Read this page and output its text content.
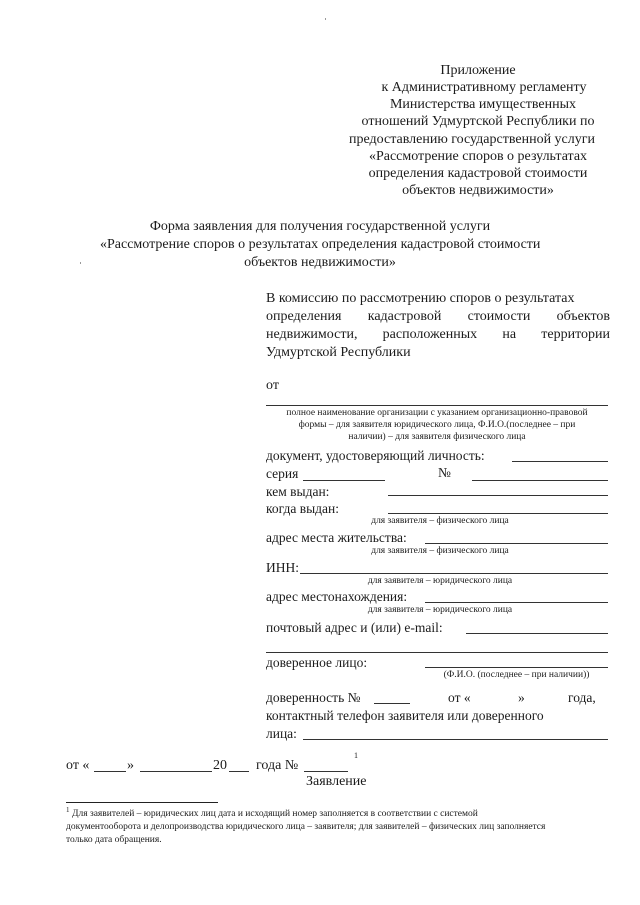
Приложение
к Административному регламенту
Министерства имущественных
отношений Удмуртской Республики по
предоставлению государственной услуги
«Рассмотрение споров о результатах
определения кадастровой стоимости
объектов недвижимости»
Форма заявления для получения государственной услуги
«Рассмотрение споров о результатах определения кадастровой стоимости
объектов недвижимости»
В комиссию по рассмотрению споров о результатах
определения кадастровой стоимости объектов
недвижимости, расположенных на территории
Удмуртской Республики
от
полное наименование организации с указанием организационно-правовой
формы – для заявителя юридического лица, Ф.И.О.(последнее – при
наличии) – для заявителя физического лица
документ, удостоверяющий личность:
серия	№
кем выдан:
когда выдан:
для заявителя – физического лица
адрес места жительства:
для заявителя – физического лица
ИНН:
для заявителя – юридического лица
адрес местонахождения:
для заявителя – юридического лица
почтовый адрес и (или) e-mail:
доверенное лицо:
(Ф.И.О. (последнее – при наличии))
доверенность №	от «	»	года,
контактный телефон заявителя или доверенного
лица:
от «	»	20 года №
1
Заявление
1 Для заявителей – юридических лиц дата и исходящий номер заполняется в соответствии с системой
документооборота и делопроизводства юридического лица – заявителя; для заявителей – физических лиц заполняется
только дата обращения.
